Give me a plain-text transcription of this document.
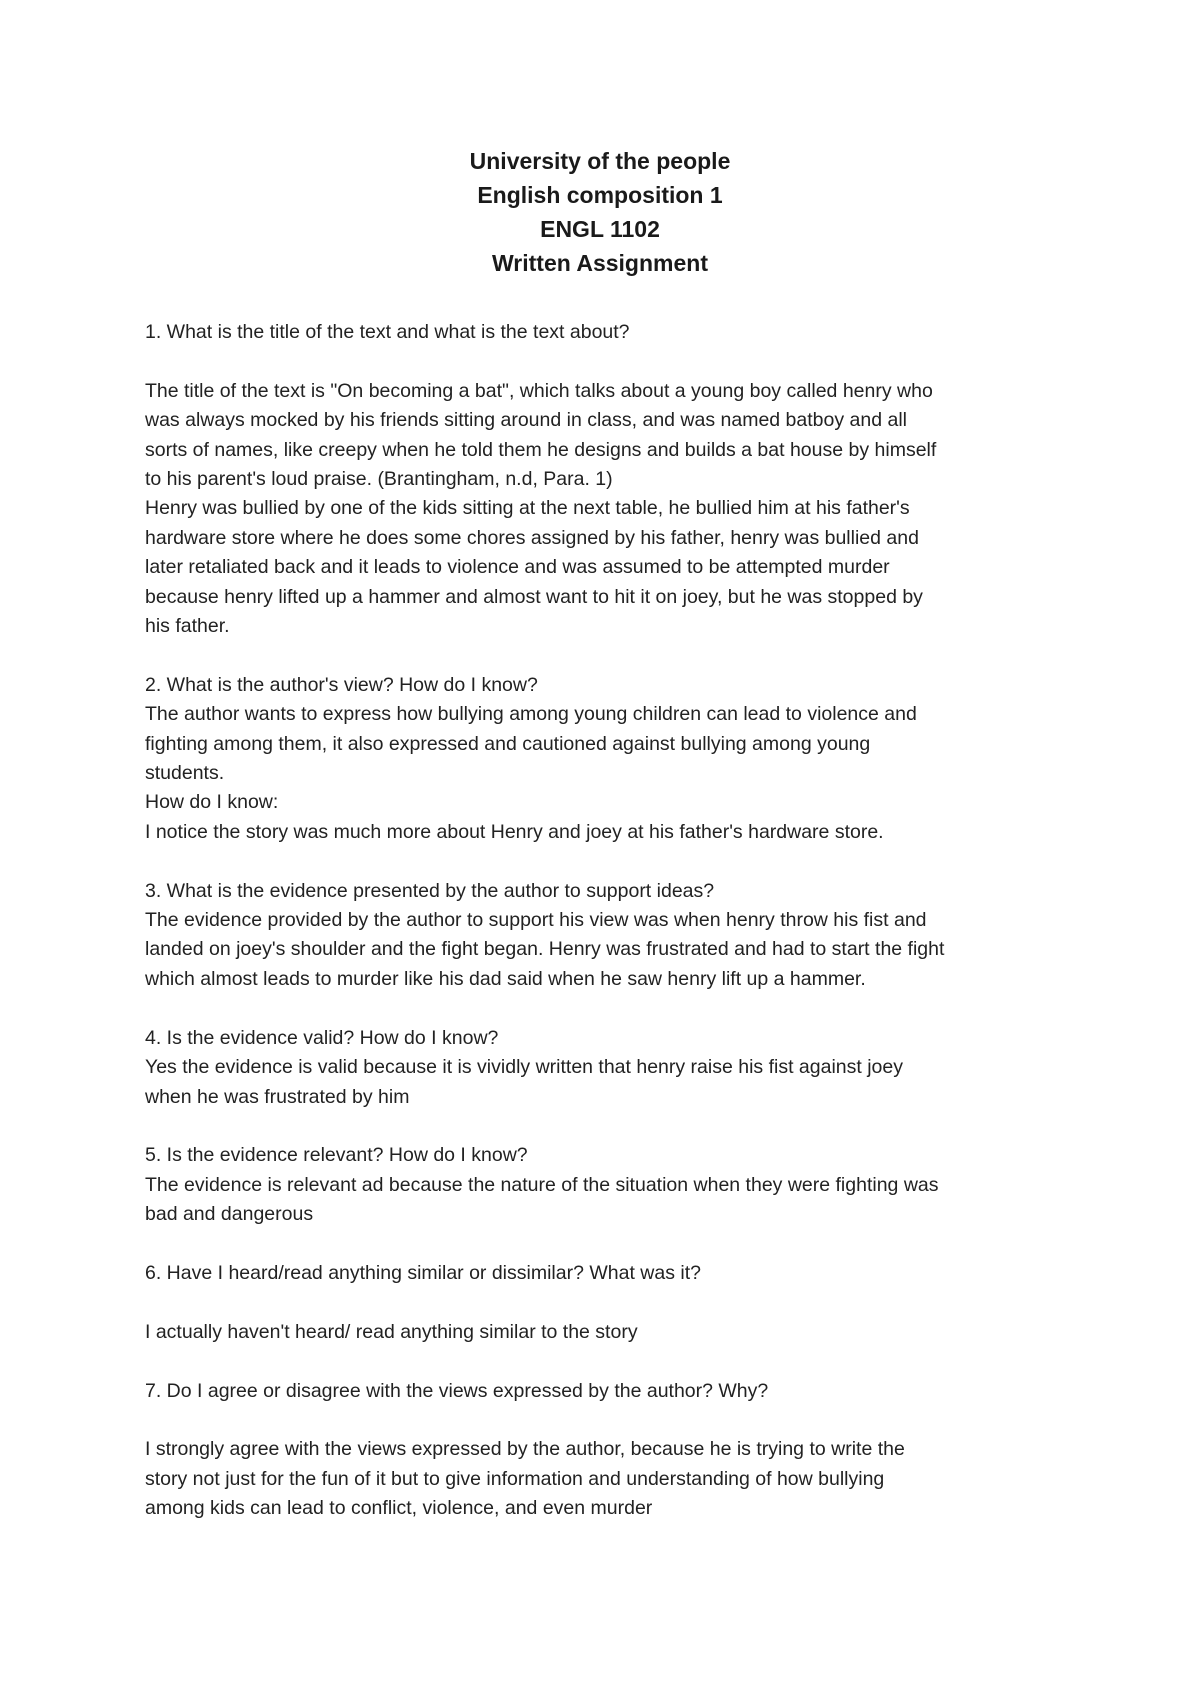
University of the people
English composition 1
ENGL 1102
Written Assignment

1. What is the title of the text and what is the text about?

The title of the text is "On becoming a bat", which talks about a young boy called henry who

was always mocked by his friends sitting around in class, and was named batboy and all

sorts of names, like creepy when he told them he designs and builds a bat house by himself

to his parent's loud praise. (Brantingham, n.d, Para. 1)

Henry was bullied by one of the kids sitting at the next table, he bullied him at his father's

hardware store where he does some chores assigned by his father, henry was bullied and

later retaliated back and it leads to violence and was assumed to be attempted murder

because henry lifted up a hammer and almost want to hit it on joey, but he was stopped by

his father.

2. What is the author's view? How do I know?

The author wants to express how bullying among young children can lead to violence and

fighting among them, it also expressed and cautioned against bullying among young

students.

How do I know:

I notice the story was much more about Henry and joey at his father's hardware store.

3. What is the evidence presented by the author to support ideas?

The evidence provided by the author to support his view was when henry throw his fist and

landed on joey's shoulder and the fight began. Henry was frustrated and had to start the fight

which almost leads to murder like his dad said when he saw henry lift up a hammer.

4. Is the evidence valid? How do I know?

Yes the evidence is valid because it is vividly written that henry raise his fist against joey

when he was frustrated by him

5. Is the evidence relevant? How do I know?

The evidence is relevant ad because the nature of the situation when they were fighting was

bad and dangerous

6. Have I heard/read anything similar or dissimilar? What was it?

I actually haven't heard/ read anything similar to the story

7. Do I agree or disagree with the views expressed by the author? Why?

I strongly agree with the views expressed by the author, because he is trying to write the

story not just for the fun of it but to give information and understanding of how bullying

among kids can lead to conflict, violence, and even murder
